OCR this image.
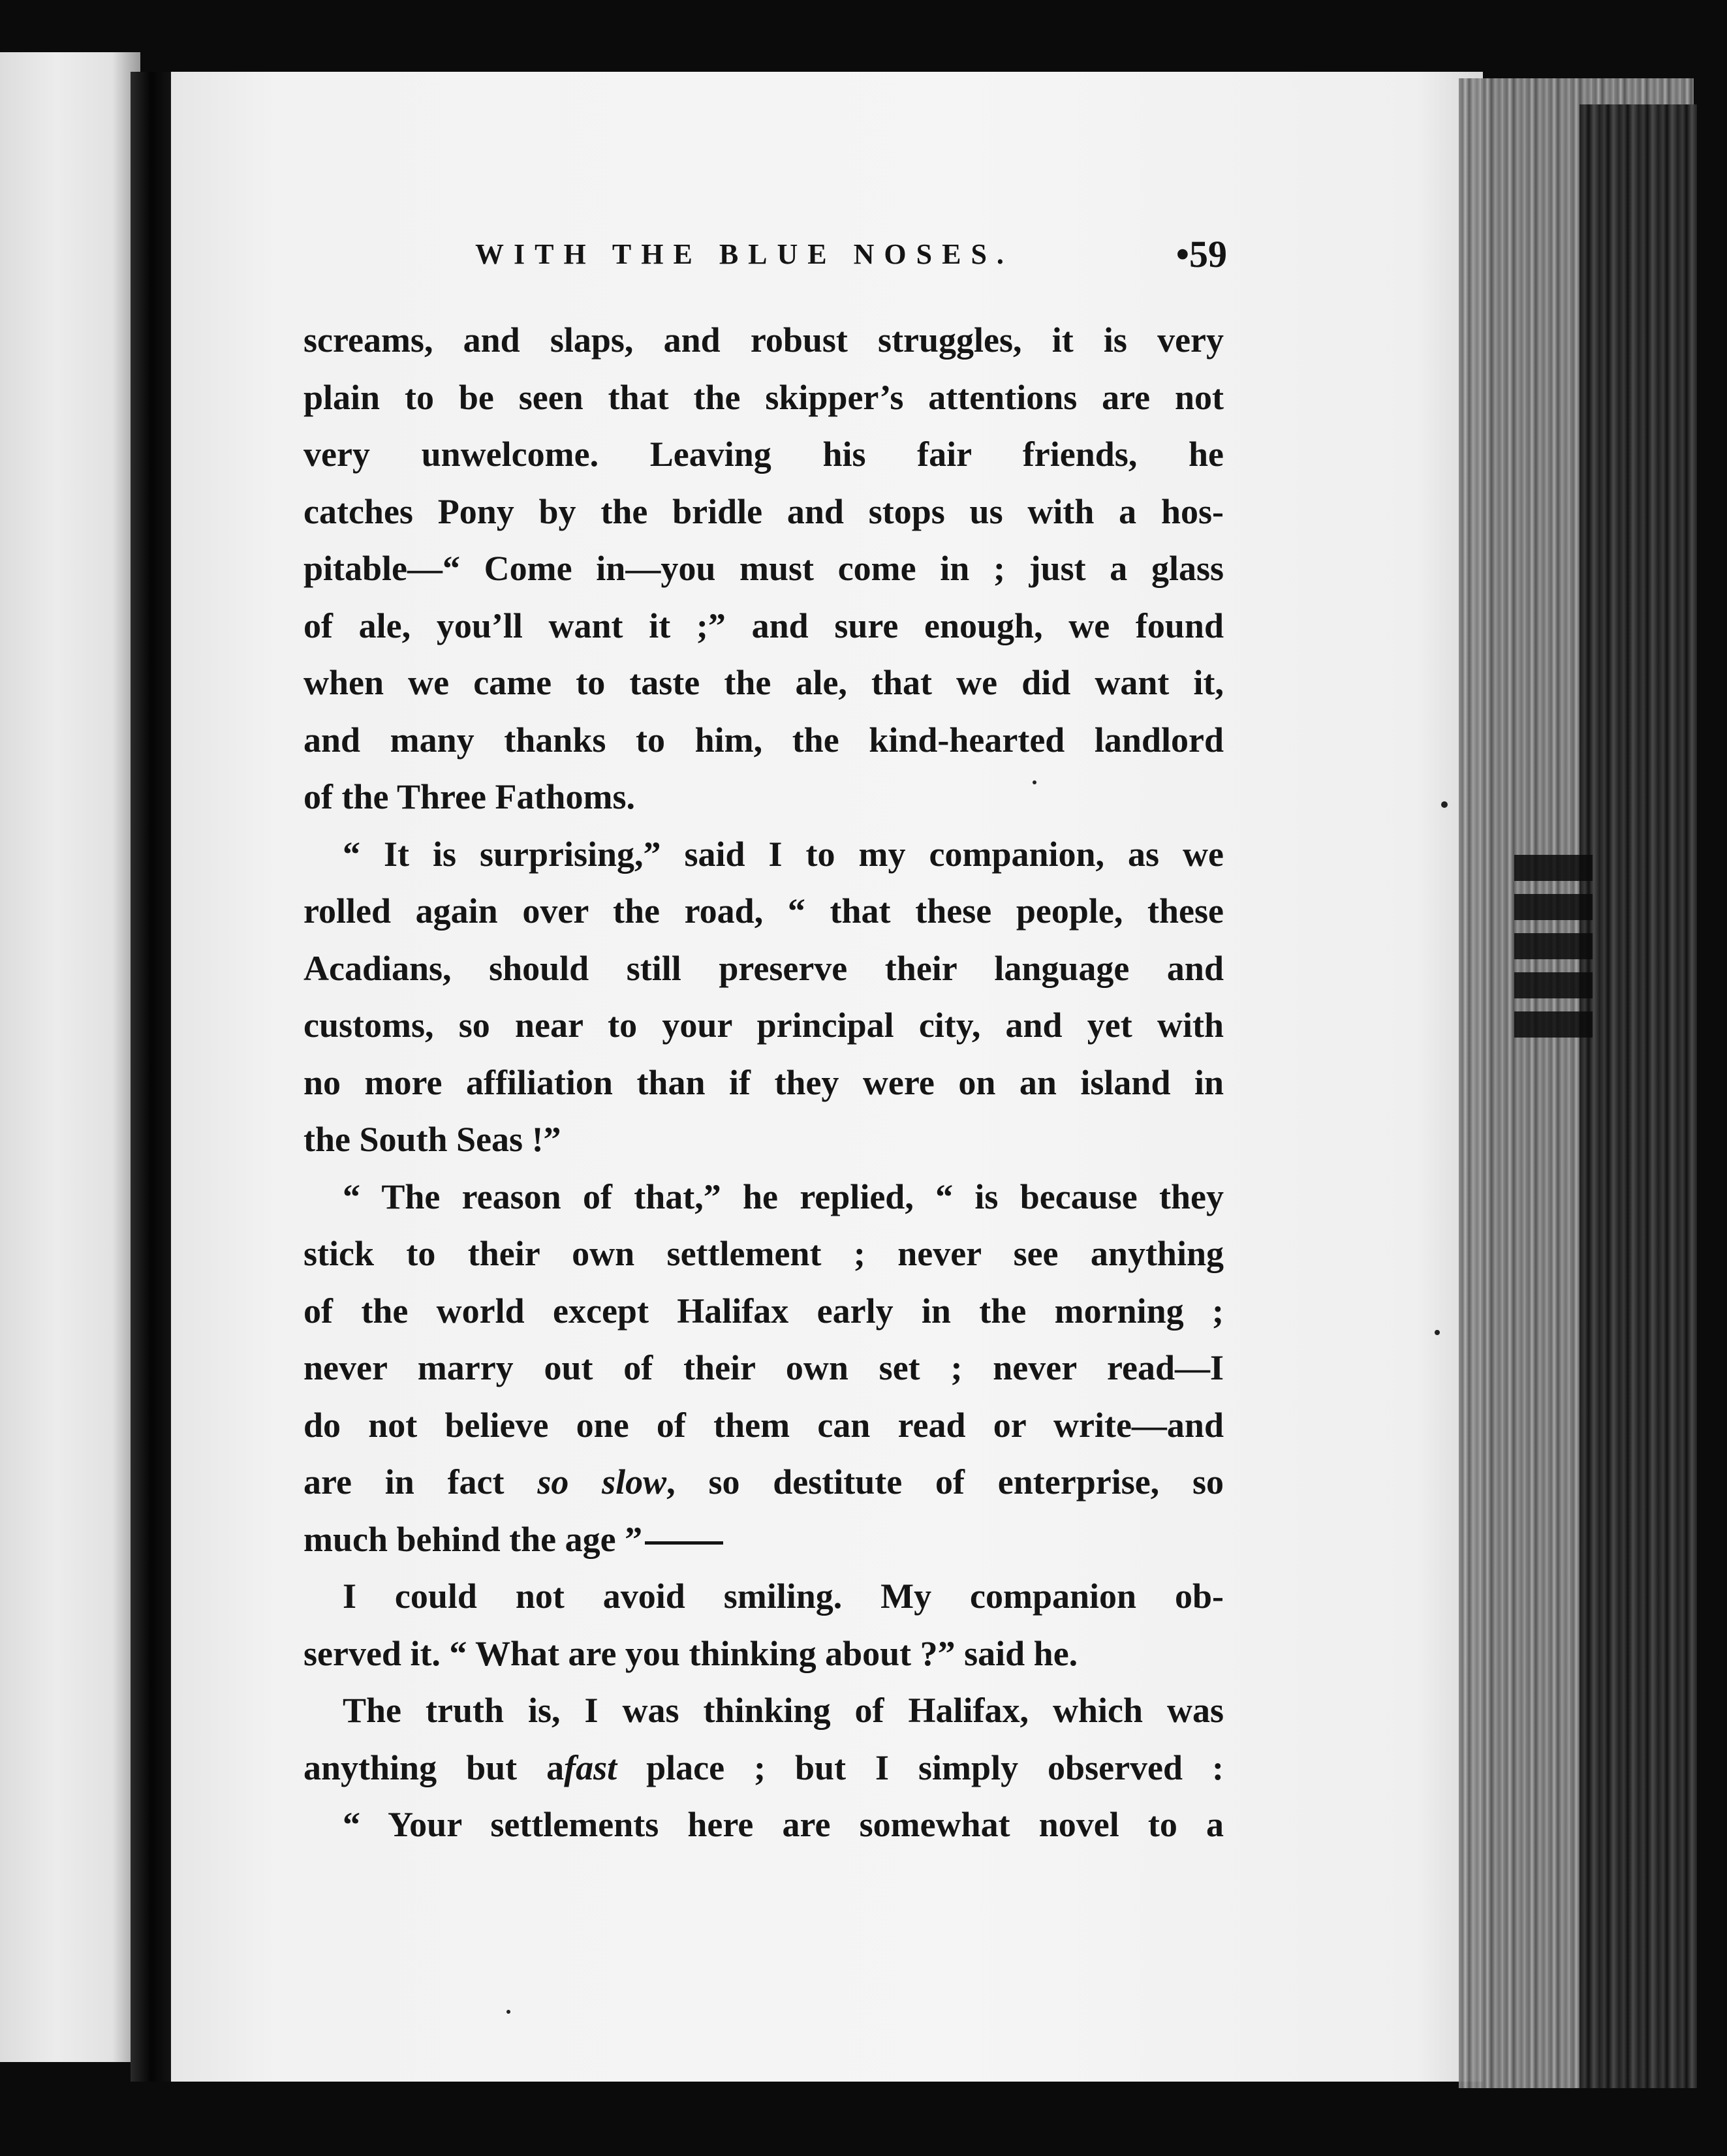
WITH THE BLUE NOSES.	•59
screams, and slaps, and robust struggles, it is very
plain to be seen that the skipper’s attentions are not
very unwelcome. Leaving his fair friends, he
catches Pony by the bridle and stops us with a hos-
pitable—“ Come in—you must come in ; just a glass
of ale, you’ll want it ;” and sure enough, we found
when we came to taste the ale, that we did want it,
and many thanks to him, the kind-hearted landlord
of the Three Fathoms.
“ It is surprising,” said I to my companion, as we
rolled again over the road, “ that these people, these
Acadians, should still preserve their language and
customs, so near to your principal city, and yet with
no more affiliation than if they were on an island in
the South Seas !”
“ The reason of that,” he replied, “ is because they
stick to their own settlement ; never see anything
of the world except Halifax early in the morning ;
never marry out of their own set ; never read—I
do not believe one of them can read or write—and
are in fact so slow, so destitute of enterprise, so
much behind the age ”
I could not avoid smiling. My companion ob-
served it. “ What are you thinking about ?” said he.
The truth is, I was thinking of Halifax, which was
anything but afast place ; but I simply observed :
“ Your settlements here are somewhat novel to a
